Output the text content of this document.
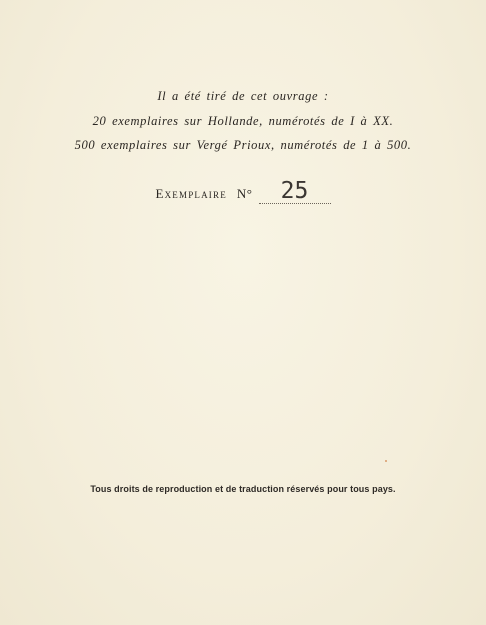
Il a été tiré de cet ouvrage :
20 exemplaires sur Hollande, numérotés de I à XX.
500 exemplaires sur Vergé Prioux, numérotés de 1 à 500.
Exemplaire N° 25
Tous droits de reproduction et de traduction réservés pour tous pays.
